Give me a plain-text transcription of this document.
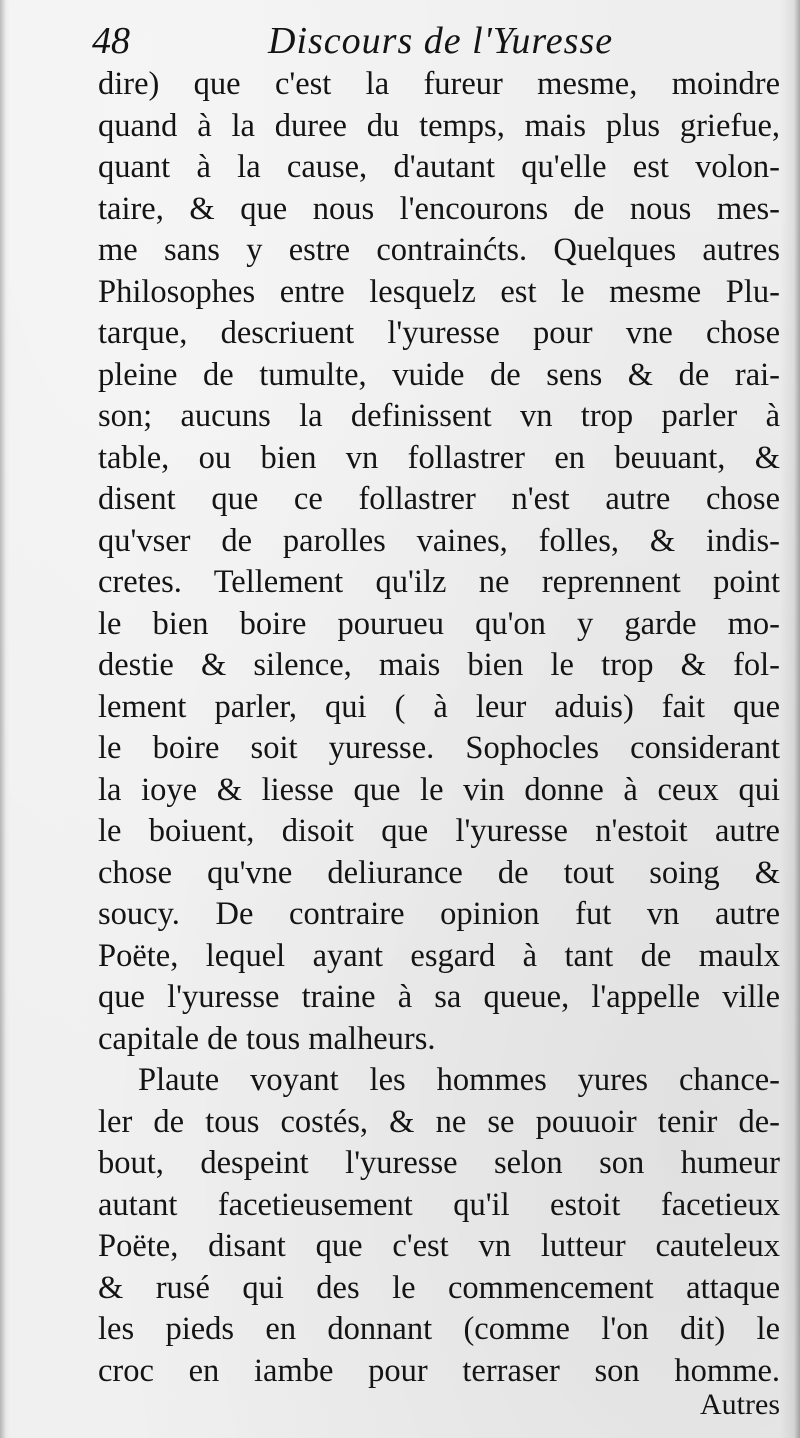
48	Discours de l'Yuresse
dire) que c'est la fureur mesme, moindre
quand à la duree du temps, mais plus griefue,
quant à la cause, d'autant qu'elle est volon-
taire, & que nous l'encourons de nous mes-
me sans y estre contrainćts. Quelques autres
Philosophes entre lesquelz est le mesme Plu-
tarque, descriuent l'yuresse pour vne chose
pleine de tumulte, vuide de sens & de rai-
son; aucuns la definissent vn trop parler à
table, ou bien vn follastrer en beuuant, &
disent que ce follastrer n'est autre chose
qu'vser de parolles vaines, folles, & indis-
cretes. Tellement qu'ilz ne reprennent point
le bien boire pourueu qu'on y garde mo-
destie & silence, mais bien le trop & fol-
lement parler, qui ( à leur aduis) fait que
le boire soit yuresse. Sophocles considerant
la ioye & liesse que le vin donne à ceux qui
le boiuent, disoit que l'yuresse n'estoit autre
chose qu'vne deliurance de tout soing &
soucy. De contraire opinion fut vn autre
Poëte, lequel ayant esgard à tant de maulx
que l'yuresse traine à sa queue, l'appelle ville
capitale de tous malheurs.
Plaute voyant les hommes yures chance-
ler de tous costés, & ne se pouuoir tenir de-
bout, despeint l'yuresse selon son humeur
autant facetieusement qu'il estoit facetieux
Poëte, disant que c'est vn lutteur cauteleux
& rusé qui des le commencement attaque
les pieds en donnant (comme l'on dit) le
croc en iambe pour terraser son homme.
Autres
